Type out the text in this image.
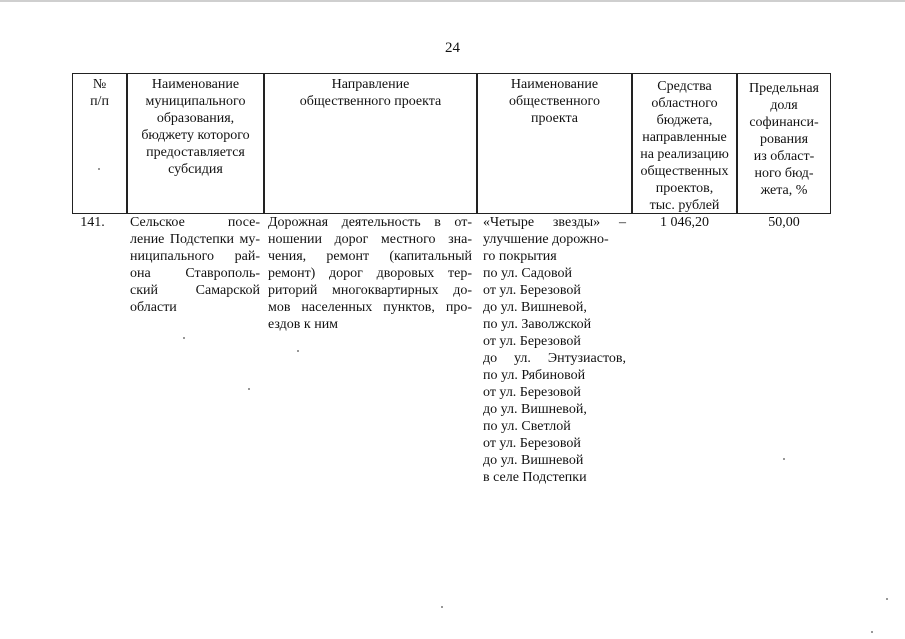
24
№
п/п
Наименование
муниципального
образования,
бюджету которого
предоставляется
субсидия
Направление
общественного проекта
Наименование
общественного
проекта
Средства
областного
бюджета,
направленные
на реализацию
общественных
проектов,
тыс. рублей
Предельная
доля
софинанси-
рования
из област-
ного бюд-
жета, %
141.	Сельское посе-
ление Подстепки му-
ниципального рай-
она Ставрополь-
ский Самарской
области
Дорожная деятельность в от-
ношении дорог местного зна-
чения, ремонт (капитальный
ремонт) дорог дворовых тер-
риторий многоквартирных до-
мов населенных пунктов, про-
ездов к ним
«Четыре звезды» –
улучшение дорожно-
го покрытия
по ул. Садовой
от ул. Березовой
до ул. Вишневой,
по ул. Заволжской
от ул. Березовой
до ул. Энтузиастов,
по ул. Рябиновой
от ул. Березовой
до ул. Вишневой,
по ул. Светлой
от ул. Березовой
до ул. Вишневой
в селе Подстепки
1 046,20	50,00
